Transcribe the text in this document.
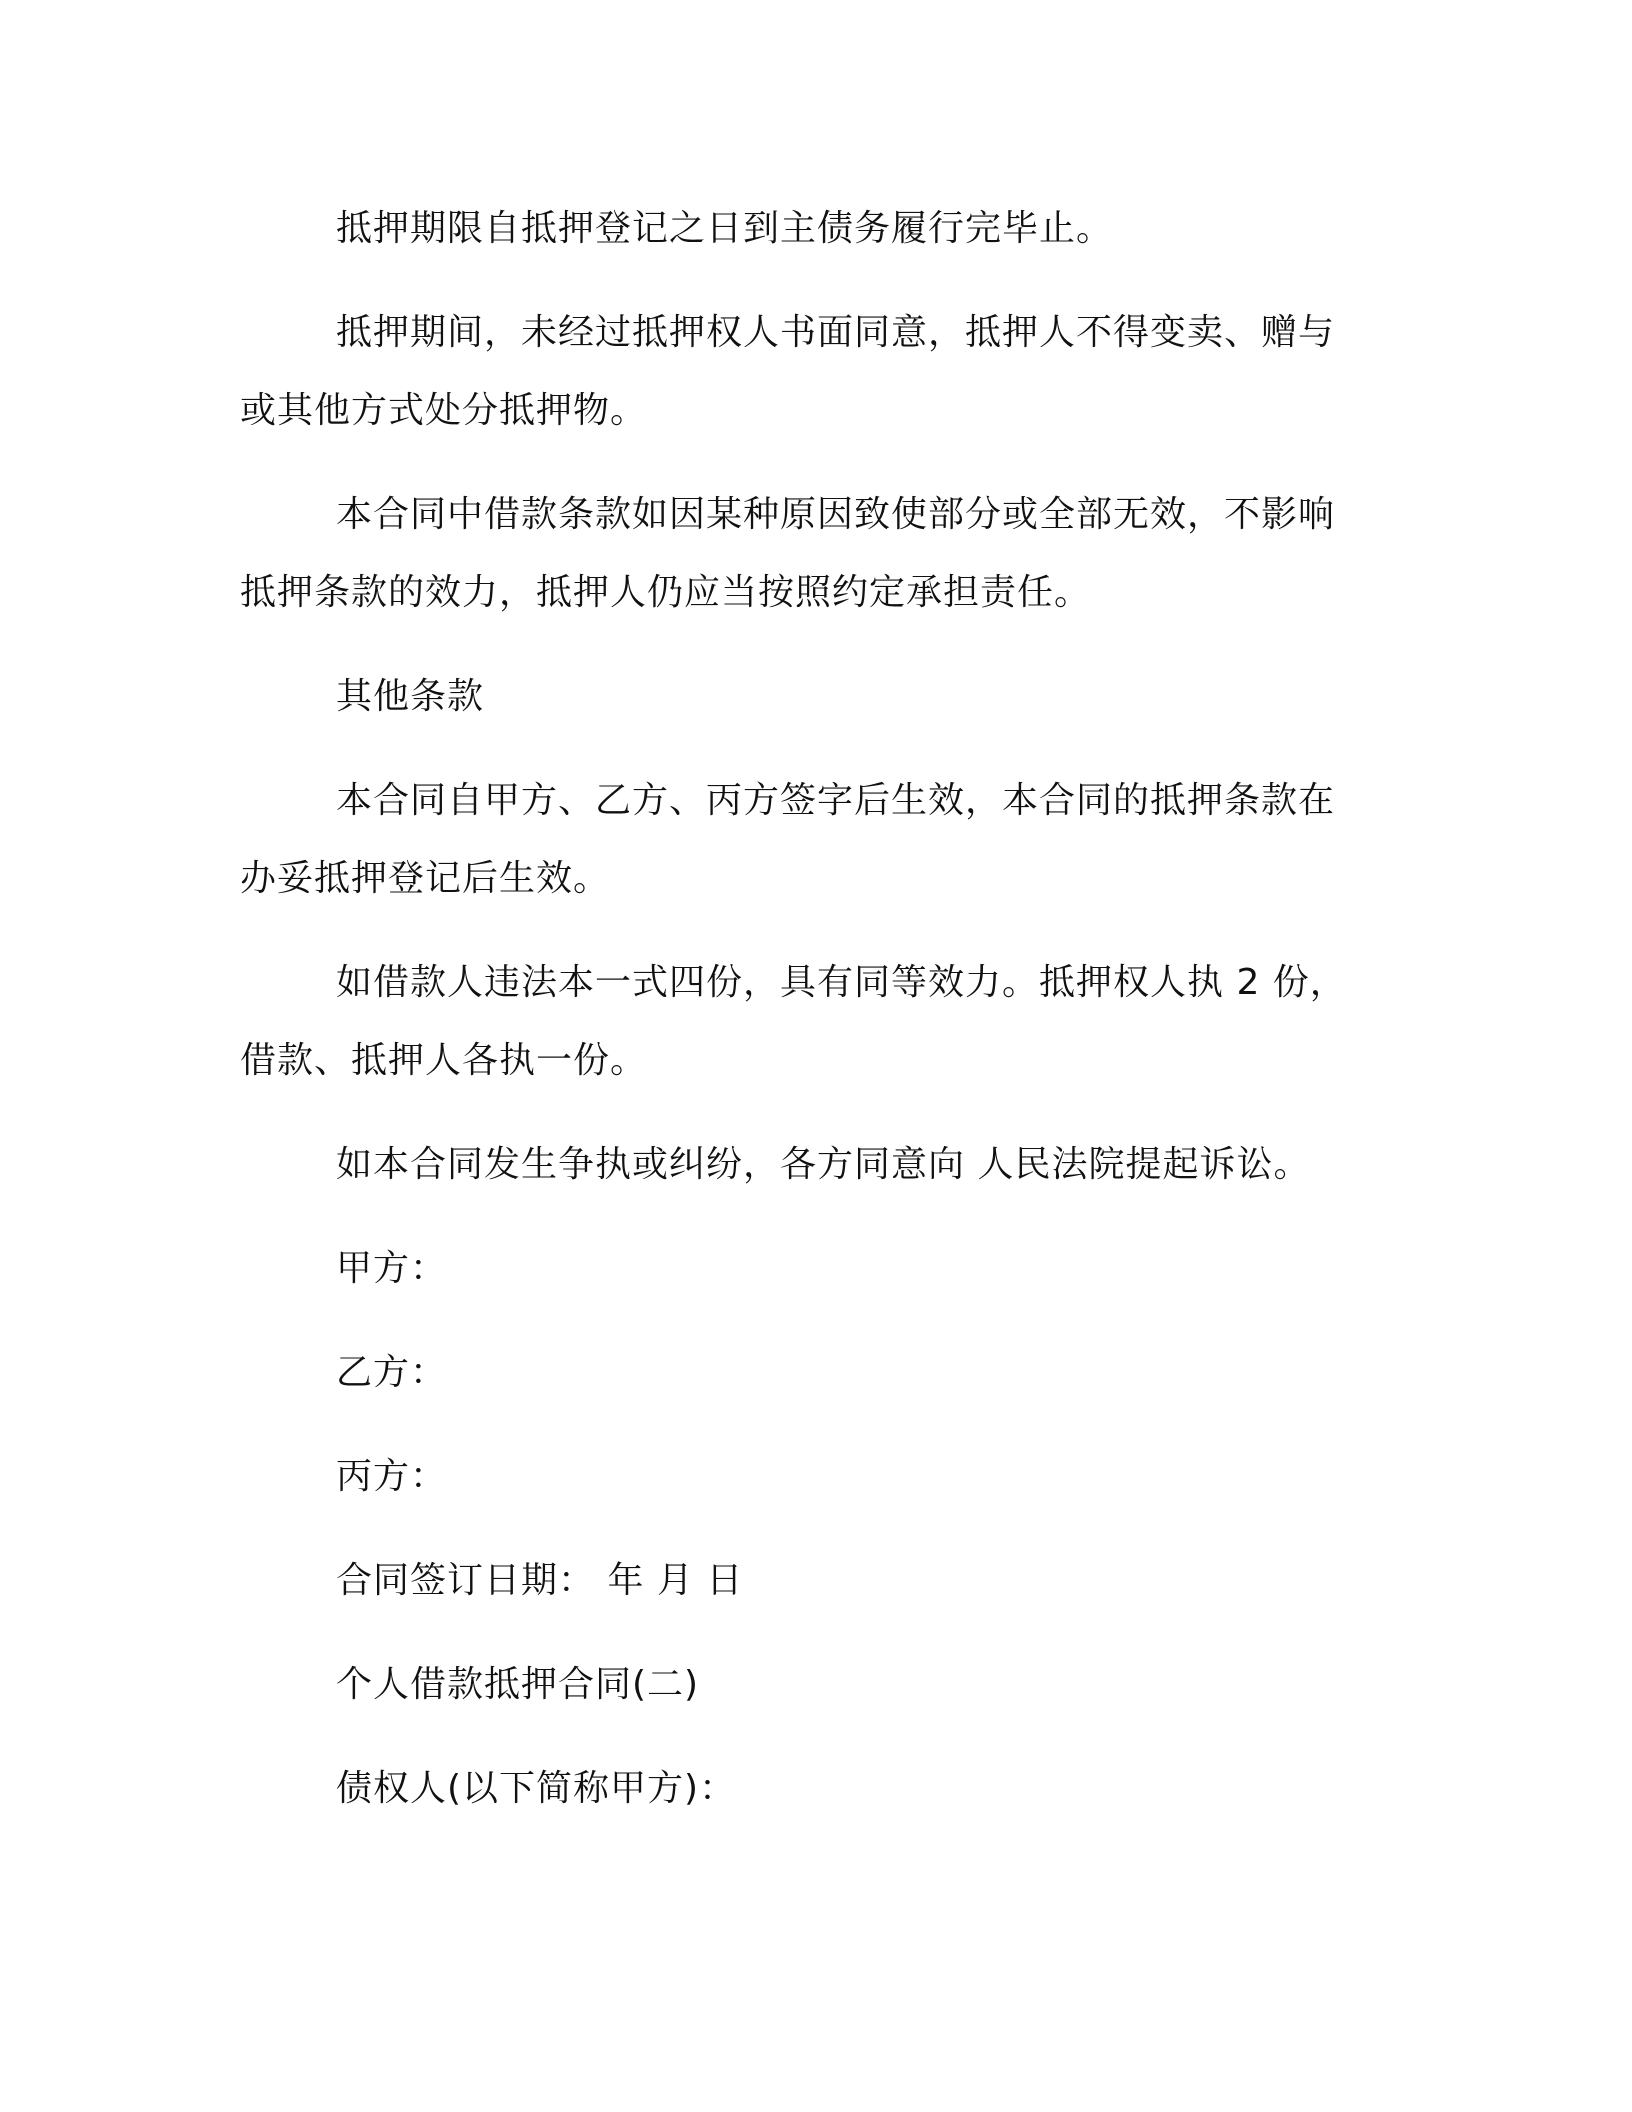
抵押期限自抵押登记之日到主债务履行完毕止。

抵押期间，未经过抵押权人书面同意，抵押人不得变卖、赠与或其他方式处分抵押物。

本合同中借款条款如因某种原因致使部分或全部无效，不影响抵押条款的效力，抵押人仍应当按照约定承担责任。

其他条款

本合同自甲方、乙方、丙方签字后生效，本合同的抵押条款在办妥抵押登记后生效。

如借款人违法本一式四份，具有同等效力。抵押权人执 2 份，借款、抵押人各执一份。

如本合同发生争执或纠纷，各方同意向 人民法院提起诉讼。

甲方：

乙方：

丙方：

合同签订日期： 年 月 日

个人借款抵押合同(二)

债权人(以下简称甲方)：
